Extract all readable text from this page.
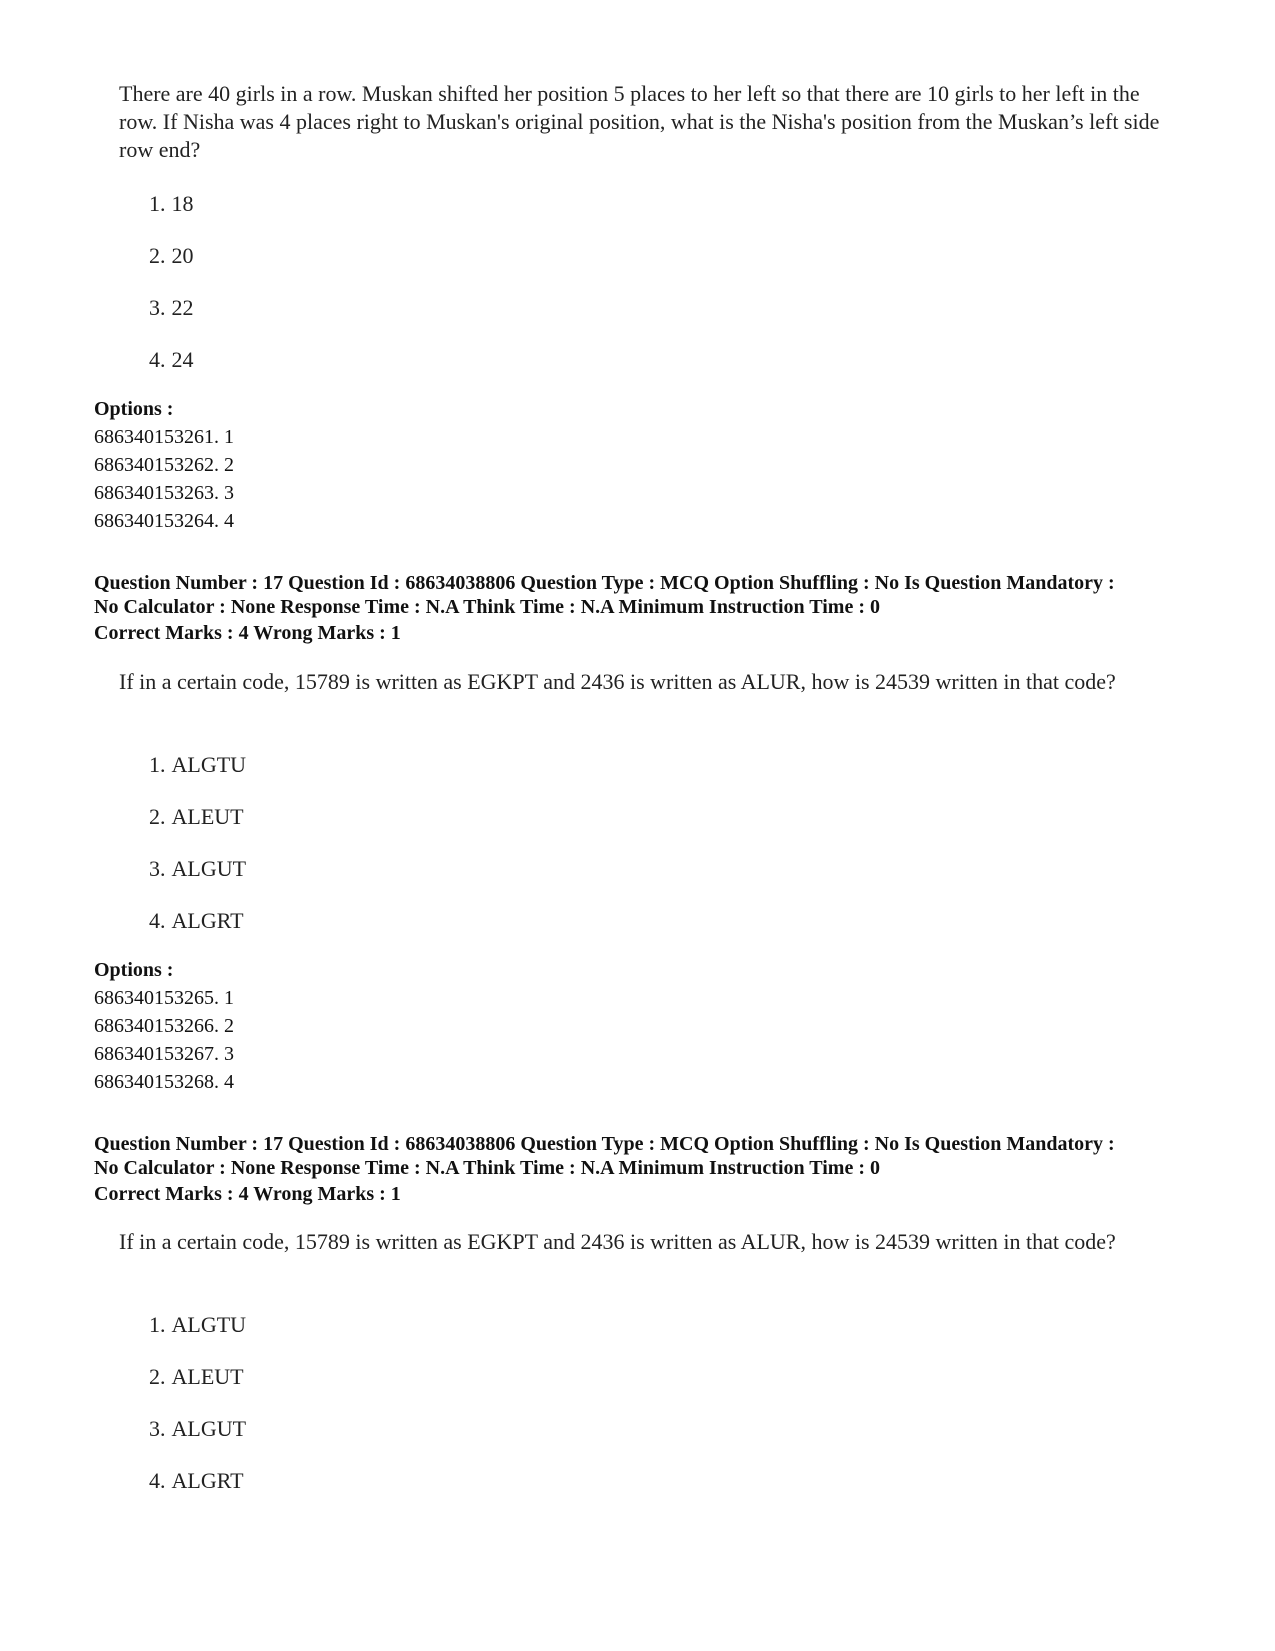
There are 40 girls in a row. Muskan shifted her position 5 places to her left so that there are 10 girls to her left in the row. If Nisha was 4 places right to Muskan's original position, what is the Nisha's position from the Muskan’s left side row end?
1. 18
2. 20
3. 22
4. 24
Options :
686340153261. 1
686340153262. 2
686340153263. 3
686340153264. 4
Question Number : 17 Question Id : 68634038806 Question Type : MCQ Option Shuffling : No Is Question Mandatory :
No Calculator : None Response Time : N.A Think Time : N.A Minimum Instruction Time : 0
Correct Marks : 4 Wrong Marks : 1
If in a certain code, 15789 is written as EGKPT and 2436 is written as ALUR, how is 24539 written in that code?
1. ALGTU
2. ALEUT
3. ALGUT
4. ALGRT
Options :
686340153265. 1
686340153266. 2
686340153267. 3
686340153268. 4
Question Number : 17 Question Id : 68634038806 Question Type : MCQ Option Shuffling : No Is Question Mandatory :
No Calculator : None Response Time : N.A Think Time : N.A Minimum Instruction Time : 0
Correct Marks : 4 Wrong Marks : 1
If in a certain code, 15789 is written as EGKPT and 2436 is written as ALUR, how is 24539 written in that code?
1. ALGTU
2. ALEUT
3. ALGUT
4. ALGRT
